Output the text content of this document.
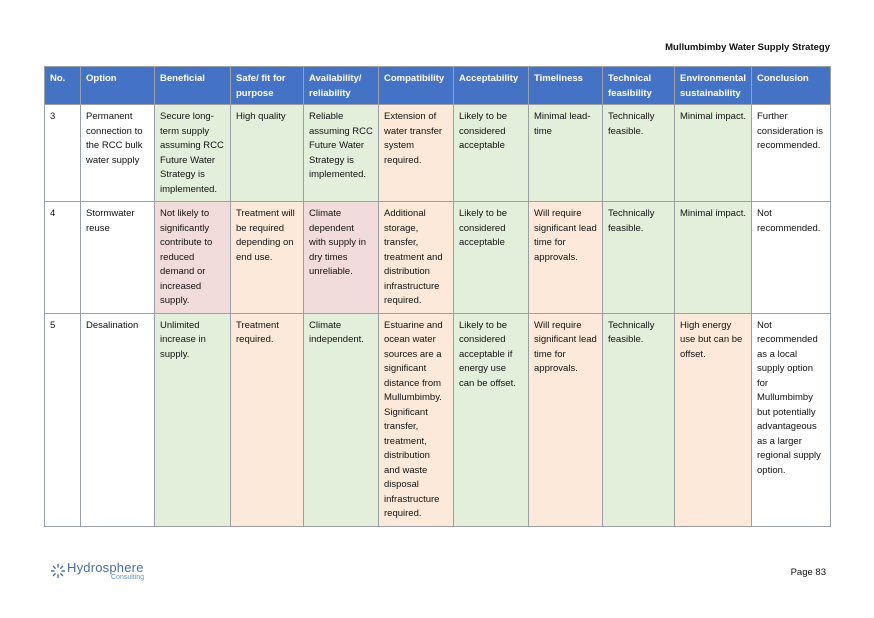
Mullumbimby Water Supply Strategy
No.	Option	Beneficial	Safe/ fit for purpose	Availability/ reliability	Compatibility	Acceptability	Timeliness	Technical feasibility	Environmental sustainability	Conclusion
3	Permanent connection to the RCC bulk water supply	Secure long-term supply assuming RCC Future Water Strategy is implemented.	High quality	Reliable assuming RCC Future Water Strategy is implemented.	Extension of water transfer system required.	Likely to be considered acceptable	Minimal lead-time	Technically feasible.	Minimal impact.	Further consideration is recommended.
4	Stormwater reuse	Not likely to significantly contribute to reduced demand or increased supply.	Treatment will be required depending on end use.	Climate dependent with supply in dry times unreliable.	Additional storage, transfer, treatment and distribution infrastructure required.	Likely to be considered acceptable	Will require significant lead time for approvals.	Technically feasible.	Minimal impact.	Not recommended.
5	Desalination	Unlimited increase in supply.	Treatment required.	Climate independent.	Estuarine and ocean water sources are a significant distance from Mullumbimby. Significant transfer, treatment, distribution and waste disposal infrastructure required.	Likely to be considered acceptable if energy use can be offset.	Will require significant lead time for approvals.	Technically feasible.	High energy use but can be offset.	Not recommended as a local supply option for Mullumbimby but potentially advantageous as a larger regional supply option.
Hydrosphere
Consulting	Page 83
